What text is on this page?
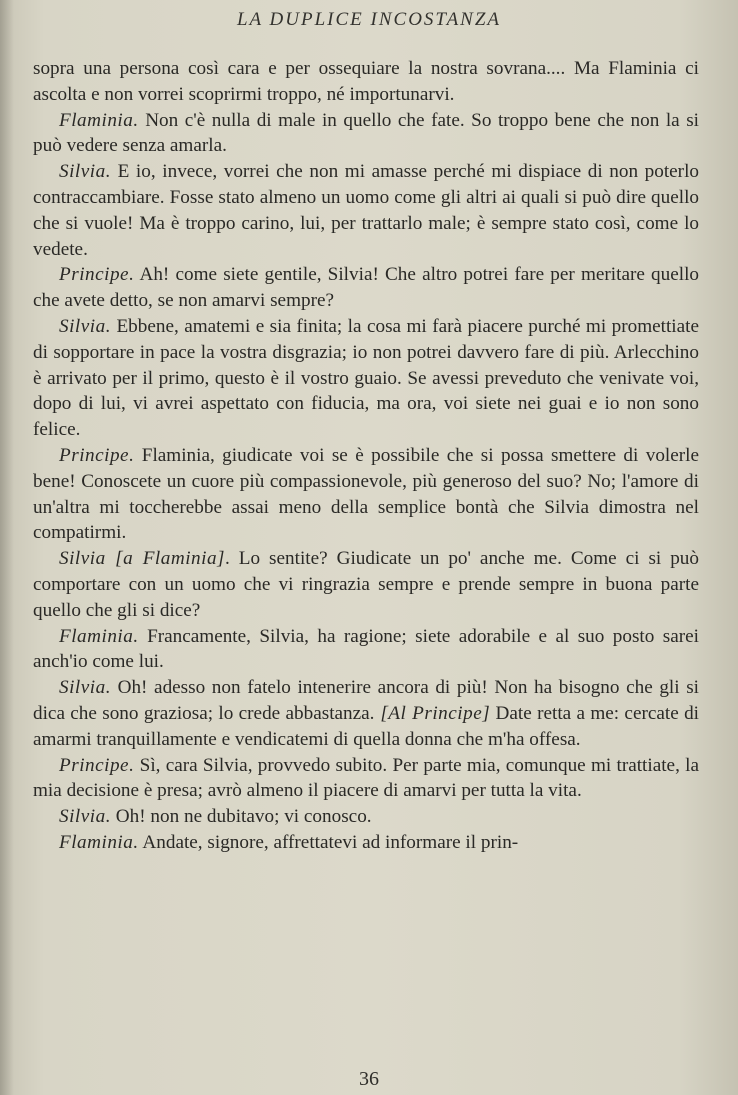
LA DUPLICE INCOSTANZA

sopra una persona così cara e per ossequiare la nostra sovrana.... Ma Flaminia ci ascolta e non vorrei scoprirmi troppo, né importunarvi.

Flaminia. Non c'è nulla di male in quello che fate. So troppo bene che non la si può vedere senza amarla.

Silvia. E io, invece, vorrei che non mi amasse perché mi dispiace di non poterlo contraccambiare. Fosse stato almeno un uomo come gli altri ai quali si può dire quello che si vuole! Ma è troppo carino, lui, per trattarlo male; è sempre stato così, come lo vedete.

Principe. Ah! come siete gentile, Silvia! Che altro potrei fare per meritare quello che avete detto, se non amarvi sempre?

Silvia. Ebbene, amatemi e sia finita; la cosa mi farà piacere purché mi promettiate di sopportare in pace la vostra disgrazia; io non potrei davvero fare di più. Arlecchino è arrivato per il primo, questo è il vostro guaio. Se avessi preveduto che venivate voi, dopo di lui, vi avrei aspettato con fiducia, ma ora, voi siete nei guai e io non sono felice.

Principe. Flaminia, giudicate voi se è possibile che si possa smettere di volerle bene! Conoscete un cuore più compassionevole, più generoso del suo? No; l'amore di un'altra mi toccherebbe assai meno della semplice bontà che Silvia dimostra nel compatirmi.

Silvia [a Flaminia]. Lo sentite? Giudicate un po' anche me. Come ci si può comportare con un uomo che vi ringrazia sempre e prende sempre in buona parte quello che gli si dice?

Flaminia. Francamente, Silvia, ha ragione; siete adorabile e al suo posto sarei anch'io come lui.

Silvia. Oh! adesso non fatelo intenerire ancora di più! Non ha bisogno che gli si dica che sono graziosa; lo crede abbastanza. [Al Principe] Date retta a me: cercate di amarmi tranquillamente e vendicatemi di quella donna che m'ha offesa.

Principe. Sì, cara Silvia, provvedo subito. Per parte mia, comunque mi trattiate, la mia decisione è presa; avrò almeno il piacere di amarvi per tutta la vita.

Silvia. Oh! non ne dubitavo; vi conosco.

Flaminia. Andate, signore, affrettatevi ad informare il prin-

36
